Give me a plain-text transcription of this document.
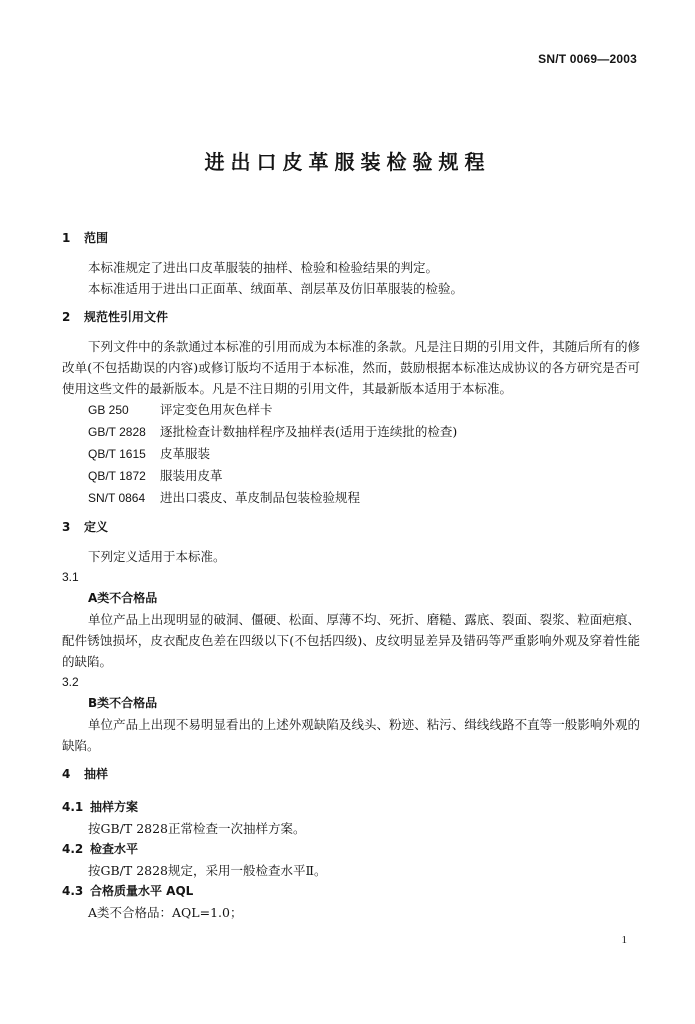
SN/T 0069—2003
进出口皮革服装检验规程
1 范围
本标准规定了进出口皮革服装的抽样、检验和检验结果的判定。
本标准适用于进出口正面革、绒面革、剖层革及仿旧革服装的检验。
2 规范性引用文件
下列文件中的条款通过本标准的引用而成为本标准的条款。凡是注日期的引用文件，其随后所有的修改单(不包括勘误的内容)或修订版均不适用于本标准，然而，鼓励根据本标准达成协议的各方研究是否可使用这些文件的最新版本。凡是不注日期的引用文件，其最新版本适用于本标准。
GB 250	评定变色用灰色样卡
GB/T 2828 逐批检查计数抽样程序及抽样表(适用于连续批的检查)
QB/T 1615 皮革服装
QB/T 1872 服装用皮革
SN/T 0864 进出口裘皮、革皮制品包装检验规程
3 定义
下列定义适用于本标准。
3.1
A类不合格品
单位产品上出现明显的破洞、僵硬、松面、厚薄不均、死折、磨糙、露底、裂面、裂浆、粒面疤痕、配件锈蚀损坏，皮衣配皮色差在四级以下(不包括四级)、皮纹明显差异及错码等严重影响外观及穿着性能的缺陷。
3.2
B类不合格品
单位产品上出现不易明显看出的上述外观缺陷及线头、粉迹、粘污、缉线线路不直等一般影响外观的缺陷。
4 抽样
4.1 抽样方案
按GB/T 2828正常检查一次抽样方案。
4.2 检查水平
按GB/T 2828规定，采用一般检查水平Ⅱ。
4.3 合格质量水平 AQL
A类不合格品：AQL=1.0；
1
